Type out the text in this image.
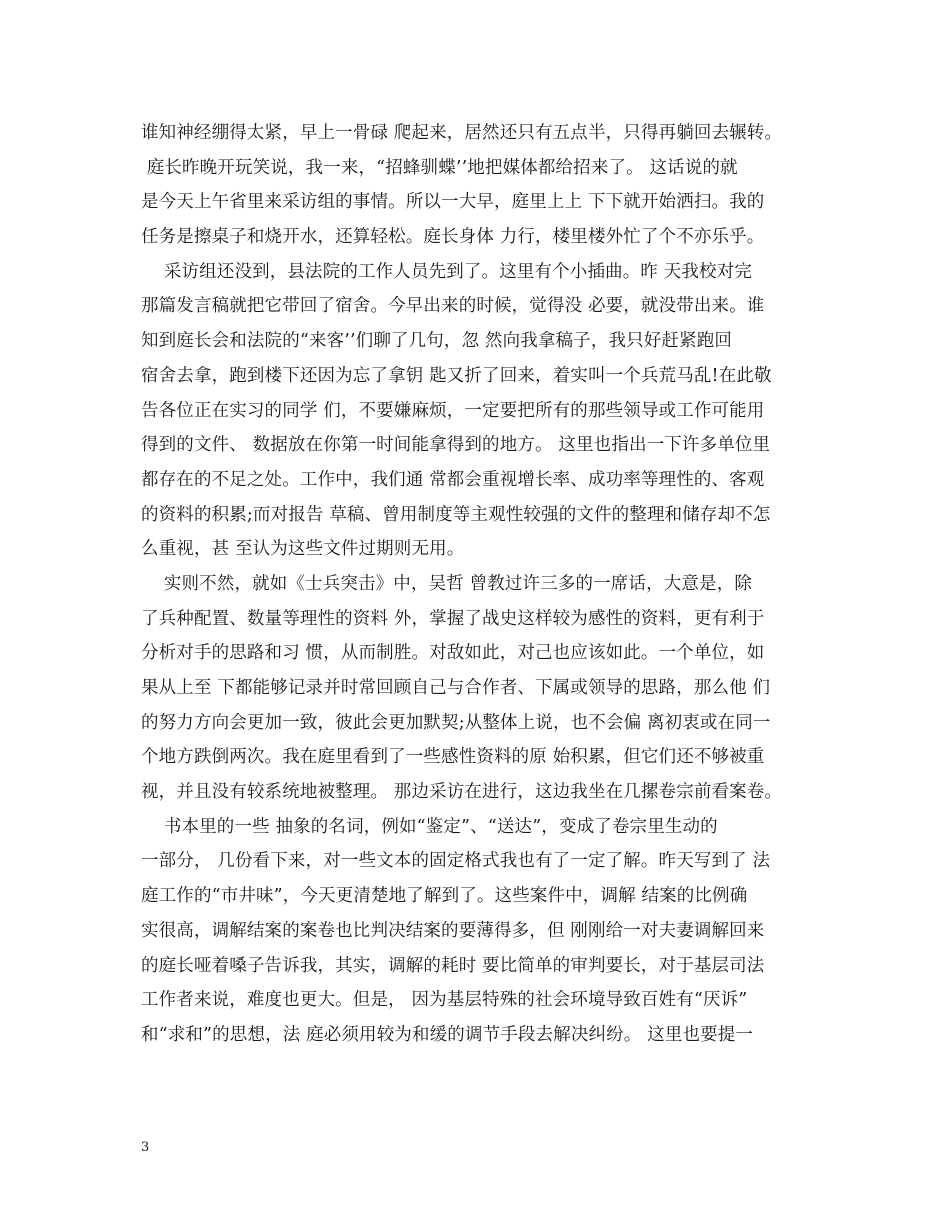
谁知神经绷得太紧，早上一骨碌 爬起来，居然还只有五点半，只得再躺回去辗转。
庭长昨晚开玩笑说，我一来，“招蜂驯蝶’’地把媒体都给招来了。 这话说的就
是今天上午省里来采访组的事情。所以一大早，庭里上上 下下就开始洒扫。我的
任务是擦桌子和烧开水，还算轻松。庭长身体 力行，楼里楼外忙了个不亦乐乎。
采访组还没到，县法院的工作人员先到了。这里有个小插曲。昨 天我校对完
那篇发言稿就把它带回了宿舍。今早出来的时候，觉得没 必要，就没带出来。谁
知到庭长会和法院的“来客’’们聊了几句，忽 然向我拿稿子，我只好赶紧跑回
宿舍去拿，跑到楼下还因为忘了拿钥 匙又折了回来，着实叫一个兵荒马乱!在此敬
告各位正在实习的同学 们，不要嫌麻烦，一定要把所有的那些领导或工作可能用
得到的文件、 数据放在你第一时间能拿得到的地方。 这里也指出一下许多单位里
都存在的不足之处。工作中，我们通 常都会重视增长率、成功率等理性的、客观
的资料的积累;而对报告 草稿、曾用制度等主观性较强的文件的整理和储存却不怎
么重视，甚 至认为这些文件过期则无用。
实则不然，就如《士兵突击》中，吴哲 曾教过许三多的一席话，大意是，除
了兵种配置、数量等理性的资料 外，掌握了战史这样较为感性的资料，更有利于
分析对手的思路和习 惯，从而制胜。对敌如此，对己也应该如此。一个单位，如
果从上至 下都能够记录并时常回顾自己与合作者、下属或领导的思路，那么他 们
的努力方向会更加一致，彼此会更加默契;从整体上说，也不会偏 离初衷或在同一
个地方跌倒两次。我在庭里看到了一些感性资料的原 始积累，但它们还不够被重
视，并且没有较系统地被整理。 那边采访在进行，这边我坐在几摞卷宗前看案卷。
书本里的一些 抽象的名词，例如“鉴定”、“送达”，变成了卷宗里生动的
一部分， 几份看下来，对一些文本的固定格式我也有了一定了解。昨天写到了 法
庭工作的“市井味”，今天更清楚地了解到了。这些案件中，调解 结案的比例确
实很高，调解结案的案卷也比判决结案的要薄得多，但 刚刚给一对夫妻调解回来
的庭长哑着嗓子告诉我，其实，调解的耗时 要比简单的审判要长，对于基层司法
工作者来说，难度也更大。但是， 因为基层特殊的社会环境导致百姓有“厌诉”
和“求和”的思想，法 庭必须用较为和缓的调节手段去解决纠纷。 这里也要提一
3
